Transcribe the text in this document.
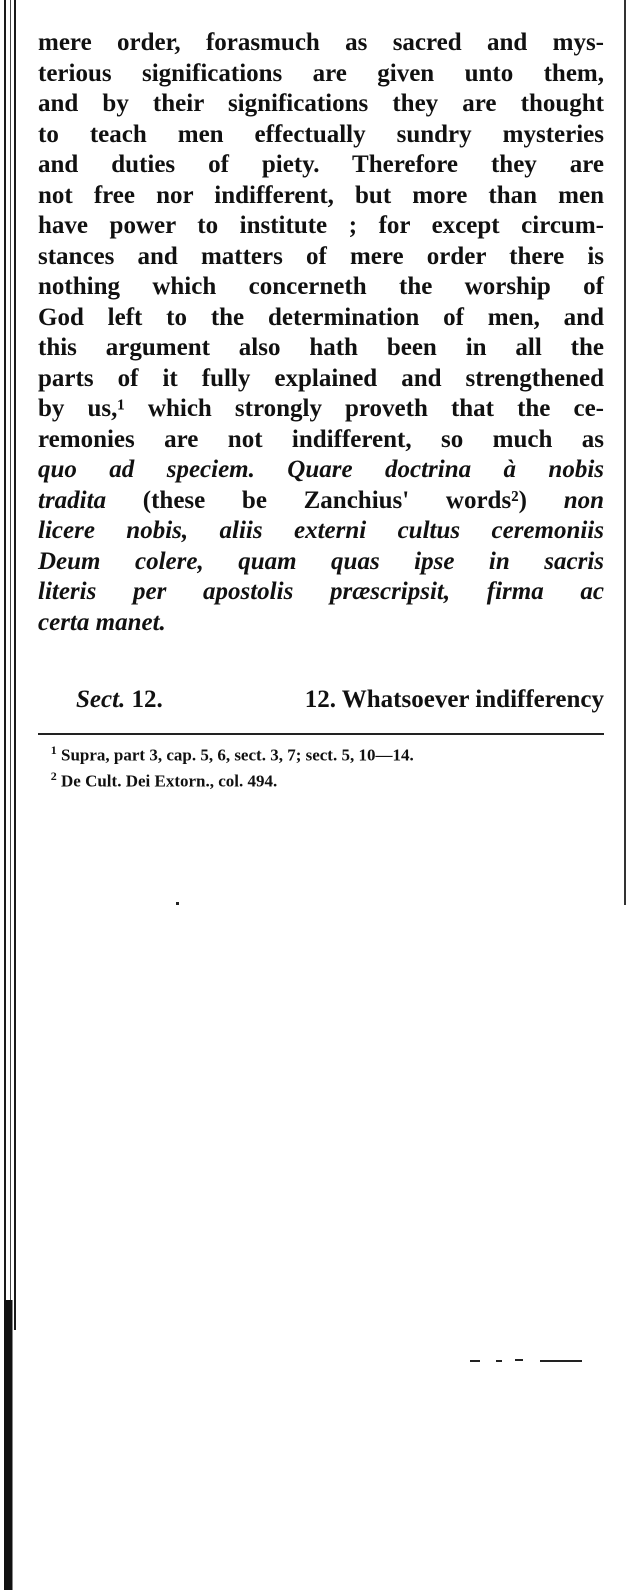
mere order, forasmuch as sacred and mys-
terious significations are given unto them,
and by their significations they are thought
to teach men effectually sundry mysteries
and duties of piety. Therefore they are
not free nor indifferent, but more than men
have power to institute ; for except circum-
stances and matters of mere order there is
nothing which concerneth the worship of
God left to the determination of men, and
this argument also hath been in all the
parts of it fully explained and strengthened
by us,¹ which strongly proveth that the ce-
remonies are not indifferent, so much as
quo ad speciem. Quare doctrina à nobis
tradita (these be Zanchius' words²) non
licere nobis, aliis externi cultus ceremoniis
Deum colere, quam quas ipse in sacris
literis per apostolis præscripsit, firma ac
certa manet.
Sect. 12.	12. Whatsoever indifferency
$^1$ Supra, part 3, cap. 5, 6, sect. 3, 7; sect. 5, 10—14.
$^2$ De Cult. Dei Extorn., col. 494.
